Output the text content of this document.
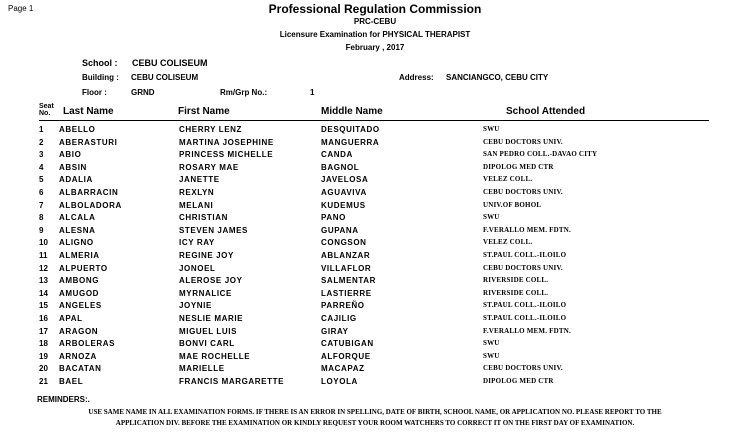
Page 1	Professional Regulation Commission
PRC-CEBU
Licensure Examination for PHYSICAL THERAPIST
February , 2017
School : CEBU COLISEUM
Building : CEBU COLISEUM
Floor :	GRND	Rm/Grp No.:	1
Address: SANCIANGCO, CEBU CITY
Seat
No.	Last Name	First Name	Middle Name	School Attended
1 ABELLO	CHERRY LENZ	DESQUITADO	SWU
2 ABERASTURI	MARTINA JOSEPHINE	MANGUERRA	CEBU DOCTORS UNIV.
3 ABIO	PRINCESS MICHELLE	CANDA	SAN PEDRO COLL.-DAVAO CITY
4 ABSIN	ROSARY MAE	BAGNOL	DIPOLOG MED CTR
5 ADALIA	JANETTE	JAVELOSA	VELEZ COLL.
6 ALBARRACIN	REXLYN	AGUAVIVA	CEBU DOCTORS UNIV.
7 ALBOLADORA	MELANI	KUDEMUS	UNIV.OF BOHOL
8 ALCALA	CHRISTIAN	PANO	SWU
9 ALESNA	STEVEN JAMES	GUPANA	F.VERALLO MEM. FDTN.
10 ALIGNO	ICY RAY	CONGSON	VELEZ COLL.
11 ALMERIA	REGINE JOY	ABLANZAR	ST.PAUL COLL.-ILOILO
12 ALPUERTO	JONOEL	VILLAFLOR	CEBU DOCTORS UNIV.
13 AMBONG	ALEROSE JOY	SALMENTAR	RIVERSIDE COLL.
14 AMUGOD	MYRNALICE	LASTIERRE	RIVERSIDE COLL.
15 ANGELES	JOYNIE	PARREÑO	ST.PAUL COLL.-ILOILO
16 APAL	NESLIE MARIE	CAJILIG	ST.PAUL COLL.-ILOILO
17 ARAGON	MIGUEL LUIS	GIRAY	F.VERALLO MEM. FDTN.
18 ARBOLERAS	BONVI CARL	CATUBIGAN	SWU
19 ARNOZA	MAE ROCHELLE	ALFORQUE	SWU
20 BACATAN	MARIELLE	MACAPAZ	CEBU DOCTORS UNIV.
21 BAEL	FRANCIS MARGARETTE	LOYOLA	DIPOLOG MED CTR
REMINDERS:.
USE SAME NAME IN ALL EXAMINATION FORMS. IF THERE IS AN ERROR IN SPELLING, DATE OF BIRTH, SCHOOL NAME, OR APPLICATION NO. PLEASE REPORT TO THE
APPLICATION DIV. BEFORE THE EXAMINATION OR KINDLY REQUEST YOUR ROOM WATCHERS TO CORRECT IT ON THE FIRST DAY OF EXAMINATION.
